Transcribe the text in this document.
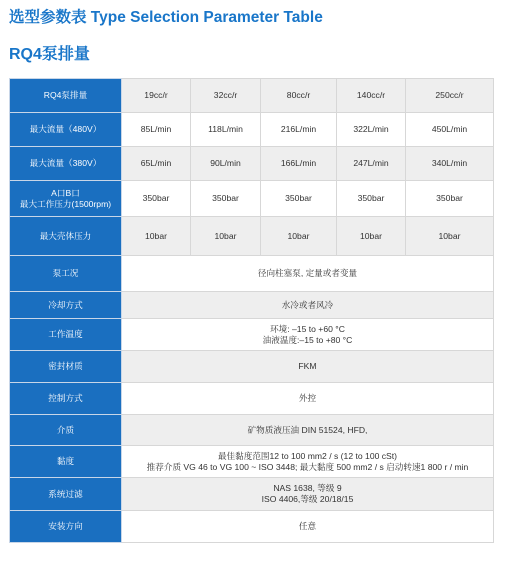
选型参数表 Type Selection Parameter Table
RQ4泵排量
RQ4泵排量	19cc/r	32cc/r	80cc/r	140cc/r	250cc/r

最大流量（480V）	85L/min	118L/min	216L/min	322L/min	450L/min

最大流量（380V）	65L/min	90L/min	166L/min	247L/min	340L/min

A口B口
最大工作压力(1500rpm)	350bar	350bar	350bar	350bar	350bar

最大壳体压力	10bar	10bar	10bar	10bar	10bar

泵工况	径向柱塞泵, 定量或者变量				

冷却方式	水冷或者风冷				

工作温度	环境: –15 to +60 °C
油液温度:–15 to +80 °C				

密封材质	FKM				

控制方式	外控				

介质	矿物质液压油 DIN 51524, HFD,				

黏度	最佳黏度范围12 to 100 mm2 / s (12 to 100 cSt)
推荐介质 VG 46 to VG 100 ~ ISO 3448; 最大黏度 500 mm2 / s 启动转速1 800 r / min				

系统过滤	NAS 1638, 等级 9
ISO 4406,等级 20/18/15				

安装方向	任意				
